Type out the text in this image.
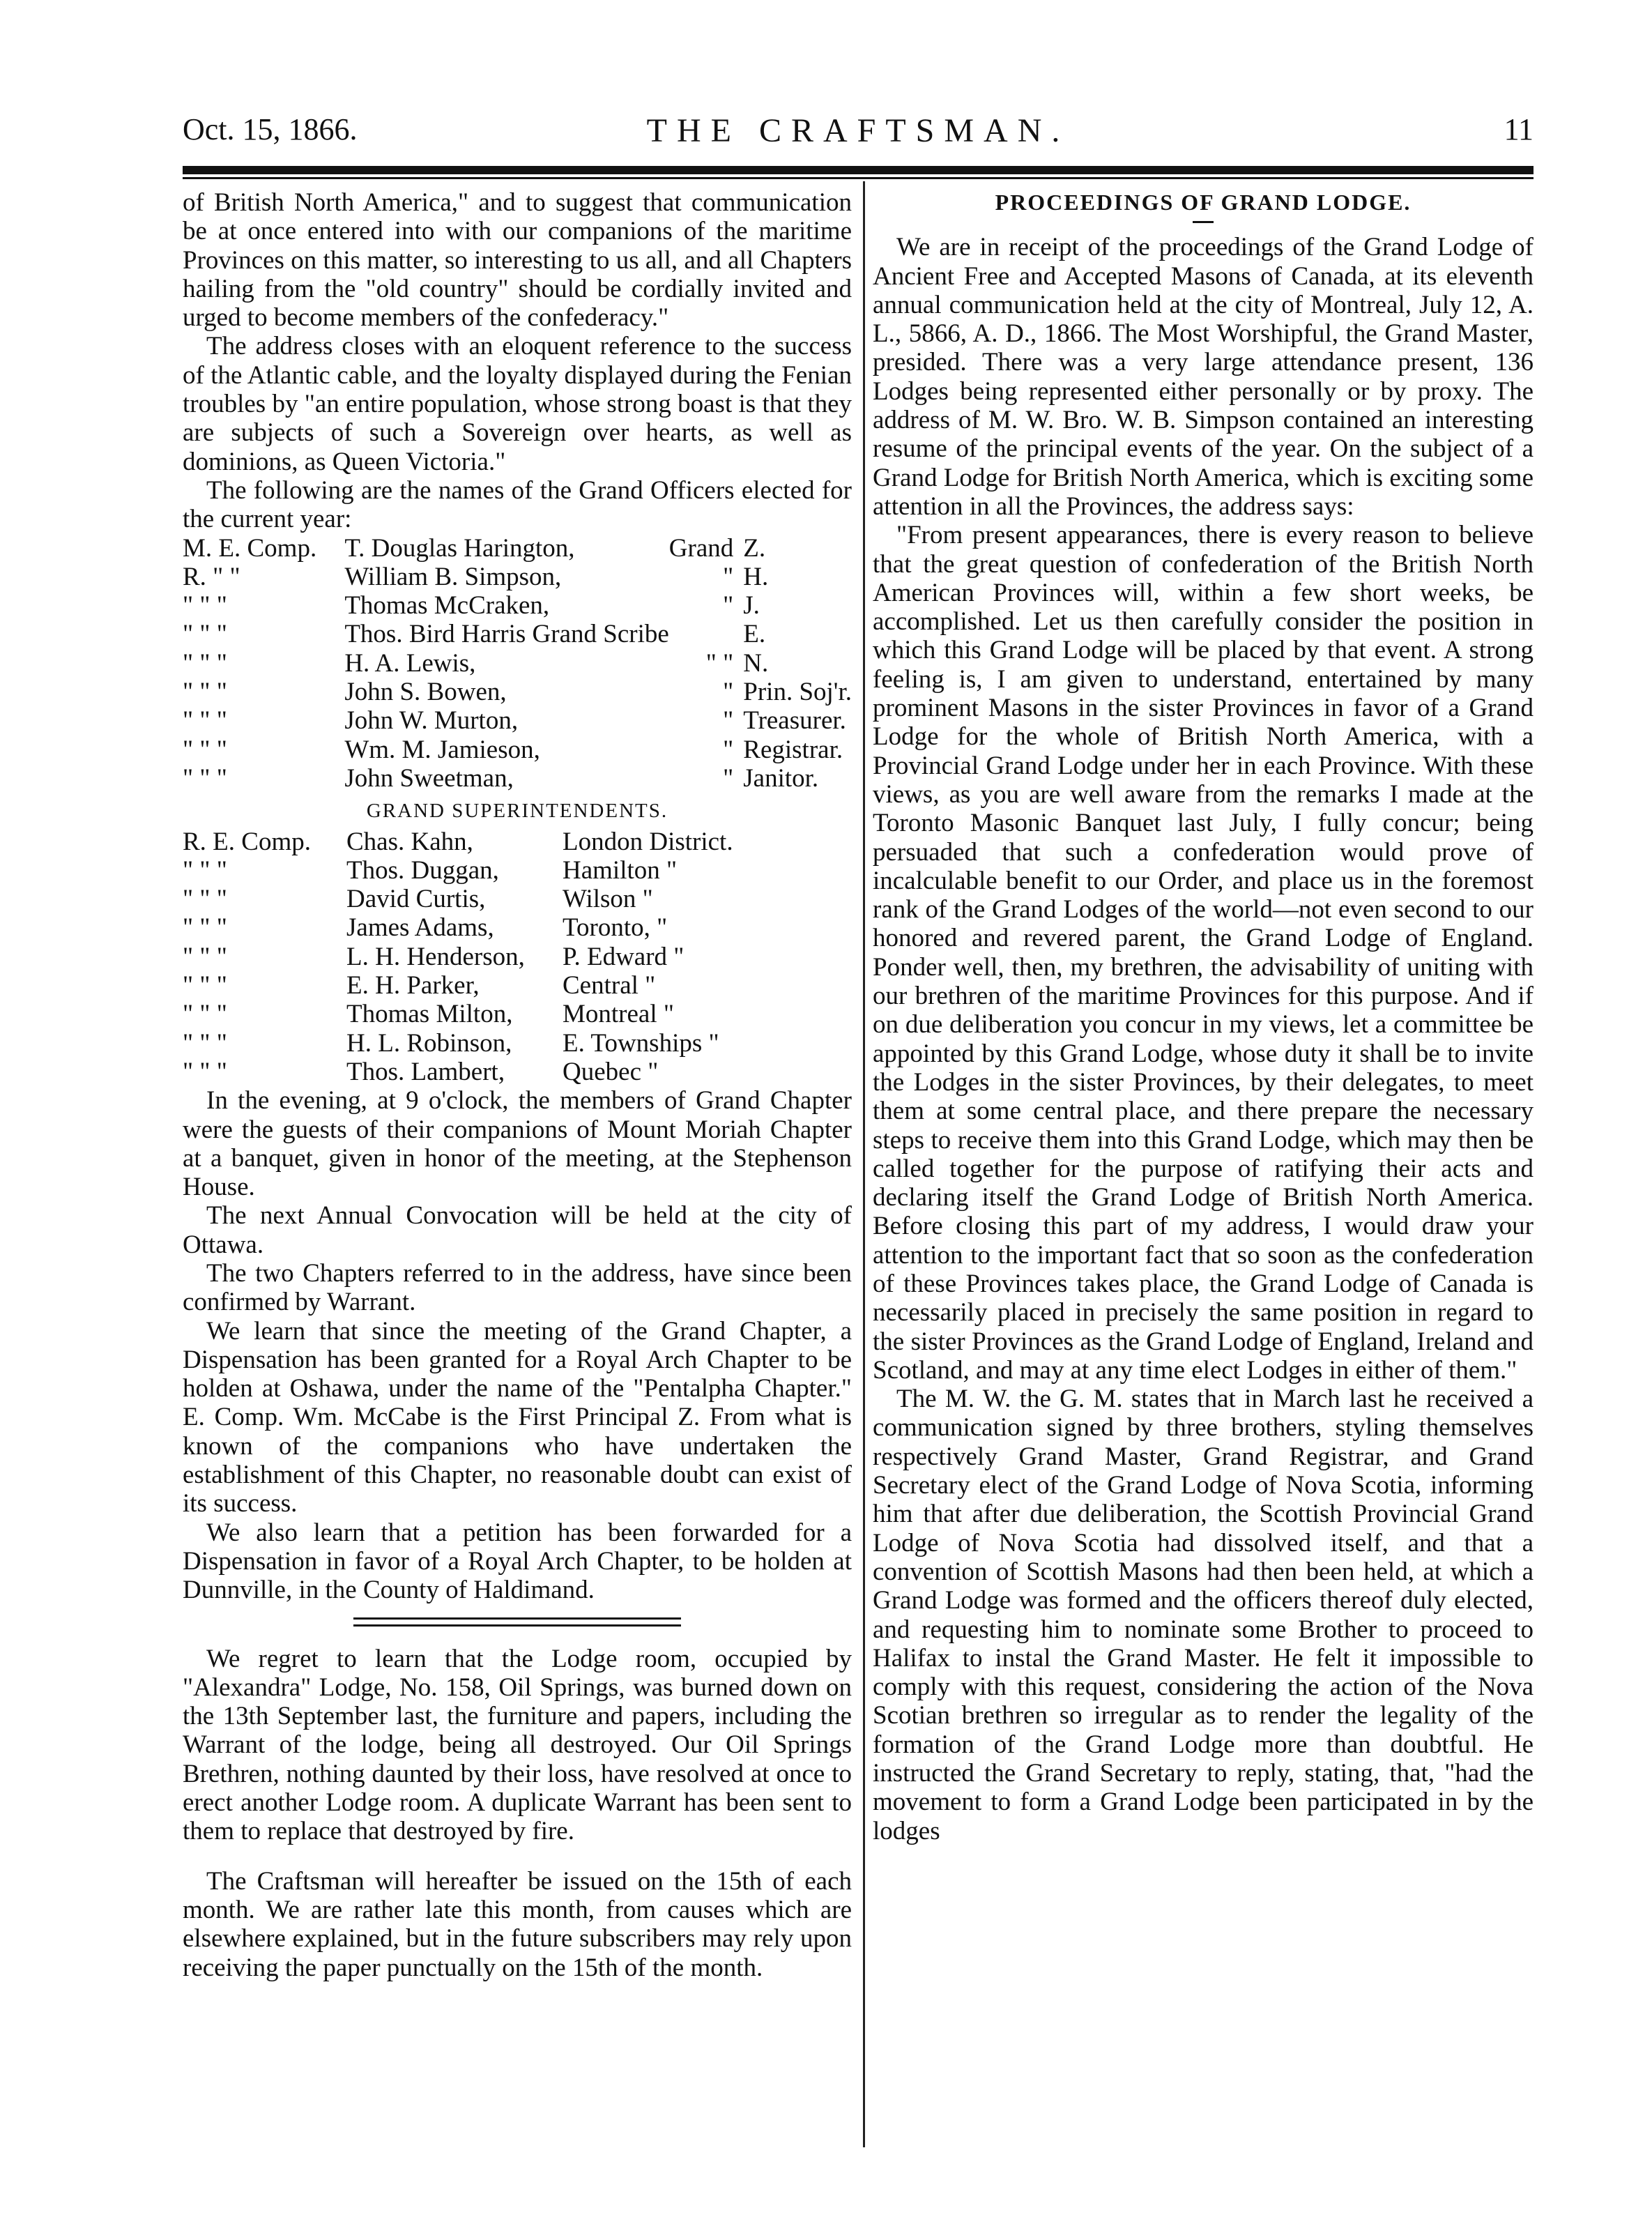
Oct. 15, 1866.	THE CRAFTSMAN.	11

of British North America," and to suggest that communication be at once entered into with our companions of the maritime Provinces on this matter, so interesting to us all, and all Chapters hailing from the "old country" should be cordially invited and urged to become members of the confederacy."

The address closes with an eloquent reference to the success of the Atlantic cable, and the loyalty displayed during the Fenian troubles by "an entire population, whose strong boast is that they are subjects of such a Sovereign over hearts, as well as dominions, as Queen Victoria."

The following are the names of the Grand Officers elected for the current year:

M. E. Comp.	T. Douglas Harington,	Grand	Z.
R. " "	William B. Simpson,	"	H.
" " "	Thomas McCraken,	"	J.
" " "	Thos. Bird Harris Grand Scribe		E.
" " "	H. A. Lewis,	" "	N.
" " "	John S. Bowen,	"	Prin. Soj'r.
" " "	John W. Murton,	"	Treasurer.
" " "	Wm. M. Jamieson,	"	Registrar.
" " "	John Sweetman,	"	Janitor.
GRAND SUPERINTENDENTS.
R. E. Comp.	Chas. Kahn,	London District.
" " "	Thos. Duggan,	Hamilton "
" " "	David Curtis,	Wilson "
" " "	James Adams,	Toronto, "
" " "	L. H. Henderson,	P. Edward "
" " "	E. H. Parker,	Central "
" " "	Thomas Milton,	Montreal "
" " "	H. L. Robinson,	E. Townships "
" " "	Thos. Lambert,	Quebec "

In the evening, at 9 o'clock, the members of Grand Chapter were the guests of their companions of Mount Moriah Chapter at a banquet, given in honor of the meeting, at the Stephenson House.

The next Annual Convocation will be held at the city of Ottawa.

The two Chapters referred to in the address, have since been confirmed by Warrant.

We learn that since the meeting of the Grand Chapter, a Dispensation has been granted for a Royal Arch Chapter to be holden at Oshawa, under the name of the "Pentalpha Chapter." E. Comp. Wm. McCabe is the First Principal Z. From what is known of the companions who have undertaken the establishment of this Chapter, no reasonable doubt can exist of its success.

We also learn that a petition has been forwarded for a Dispensation in favor of a Royal Arch Chapter, to be holden at Dunnville, in the County of Haldimand.

We regret to learn that the Lodge room, occupied by "Alexandra" Lodge, No. 158, Oil Springs, was burned down on the 13th September last, the furniture and papers, including the Warrant of the lodge, being all destroyed. Our Oil Springs Brethren, nothing daunted by their loss, have resolved at once to erect another Lodge room. A duplicate Warrant has been sent to them to replace that destroyed by fire.

The Craftsman will hereafter be issued on the 15th of each month. We are rather late this month, from causes which are elsewhere explained, but in the future subscribers may rely upon receiving the paper punctually on the 15th of the month.

PROCEEDINGS OF GRAND LODGE.

We are in receipt of the proceedings of the Grand Lodge of Ancient Free and Accepted Masons of Canada, at its eleventh annual communication held at the city of Montreal, July 12, A. L., 5866, A. D., 1866. The Most Worshipful, the Grand Master, presided. There was a very large attendance present, 136 Lodges being represented either personally or by proxy. The address of M. W. Bro. W. B. Simpson contained an interesting resume of the principal events of the year. On the subject of a Grand Lodge for British North America, which is exciting some attention in all the Provinces, the address says:

"From present appearances, there is every reason to believe that the great question of confederation of the British North American Provinces will, within a few short weeks, be accomplished. Let us then carefully consider the position in which this Grand Lodge will be placed by that event. A strong feeling is, I am given to understand, entertained by many prominent Masons in the sister Provinces in favor of a Grand Lodge for the whole of British North America, with a Provincial Grand Lodge under her in each Province. With these views, as you are well aware from the remarks I made at the Toronto Masonic Banquet last July, I fully concur; being persuaded that such a confederation would prove of incalculable benefit to our Order, and place us in the foremost rank of the Grand Lodges of the world—not even second to our honored and revered parent, the Grand Lodge of England. Ponder well, then, my brethren, the advisability of uniting with our brethren of the maritime Provinces for this purpose. And if on due deliberation you concur in my views, let a committee be appointed by this Grand Lodge, whose duty it shall be to invite the Lodges in the sister Provinces, by their delegates, to meet them at some central place, and there prepare the necessary steps to receive them into this Grand Lodge, which may then be called together for the purpose of ratifying their acts and declaring itself the Grand Lodge of British North America. Before closing this part of my address, I would draw your attention to the important fact that so soon as the confederation of these Provinces takes place, the Grand Lodge of Canada is necessarily placed in precisely the same position in regard to the sister Provinces as the Grand Lodge of England, Ireland and Scotland, and may at any time elect Lodges in either of them."

The M. W. the G. M. states that in March last he received a communication signed by three brothers, styling themselves respectively Grand Master, Grand Registrar, and Grand Secretary elect of the Grand Lodge of Nova Scotia, informing him that after due deliberation, the Scottish Provincial Grand Lodge of Nova Scotia had dissolved itself, and that a convention of Scottish Masons had then been held, at which a Grand Lodge was formed and the officers thereof duly elected, and requesting him to nominate some Brother to proceed to Halifax to instal the Grand Master. He felt it impossible to comply with this request, considering the action of the Nova Scotian brethren so irregular as to render the legality of the formation of the Grand Lodge more than doubtful. He instructed the Grand Secretary to reply, stating, that, "had the movement to form a Grand Lodge been participated in by the lodges
